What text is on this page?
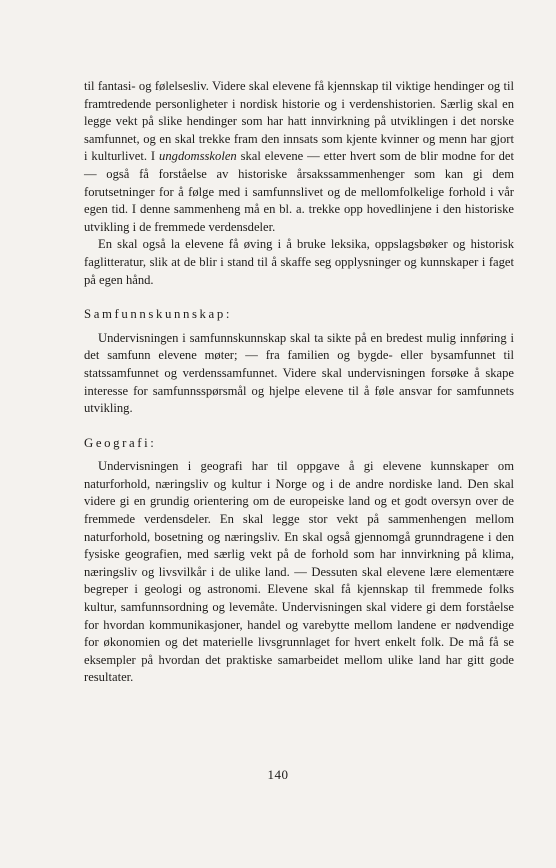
til fantasi- og følelsesliv. Videre skal elevene få kjennskap til viktige hendinger og til framtredende personligheter i nordisk historie og i verdenshistorien. Særlig skal en legge vekt på slike hendinger som har hatt innvirkning på utviklingen i det norske samfunnet, og en skal trekke fram den innsats som kjente kvinner og menn har gjort i kulturlivet. I ungdomsskolen skal elevene — etter hvert som de blir modne for det — også få forståelse av historiske årsakssammenhenger som kan gi dem forutsetninger for å følge med i samfunnslivet og de mellomfolkelige forhold i vår egen tid. I denne sammenheng må en bl. a. trekke opp hovedlinjene i den historiske utvikling i de fremmede verdensdeler.

En skal også la elevene få øving i å bruke leksika, oppslagsbøker og historisk faglitteratur, slik at de blir i stand til å skaffe seg opplysninger og kunnskaper i faget på egen hånd.

Samfunnskunnskap:

Undervisningen i samfunnskunnskap skal ta sikte på en bredest mulig innføring i det samfunn elevene møter; — fra familien og bygde- eller bysamfunnet til statssamfunnet og verdenssamfunnet. Videre skal undervisningen forsøke å skape interesse for samfunnsspørsmål og hjelpe elevene til å føle ansvar for samfunnets utvikling.

Geografi:

Undervisningen i geografi har til oppgave å gi elevene kunnskaper om naturforhold, næringsliv og kultur i Norge og i de andre nordiske land. Den skal videre gi en grundig orientering om de europeiske land og et godt oversyn over de fremmede verdensdeler. En skal legge stor vekt på sammenhengen mellom naturforhold, bosetning og næringsliv. En skal også gjennomgå grunndragene i den fysiske geografien, med særlig vekt på de forhold som har innvirkning på klima, næringsliv og livsvilkår i de ulike land. — Dessuten skal elevene lære elementære begreper i geologi og astronomi. Elevene skal få kjennskap til fremmede folks kultur, samfunnsordning og levemåte. Undervisningen skal videre gi dem forståelse for hvordan kommunikasjoner, handel og varebytte mellom landene er nødvendige for økonomien og det materielle livsgrunnlaget for hvert enkelt folk. De må få se eksempler på hvordan det praktiske samarbeidet mellom ulike land har gitt gode resultater.

140
